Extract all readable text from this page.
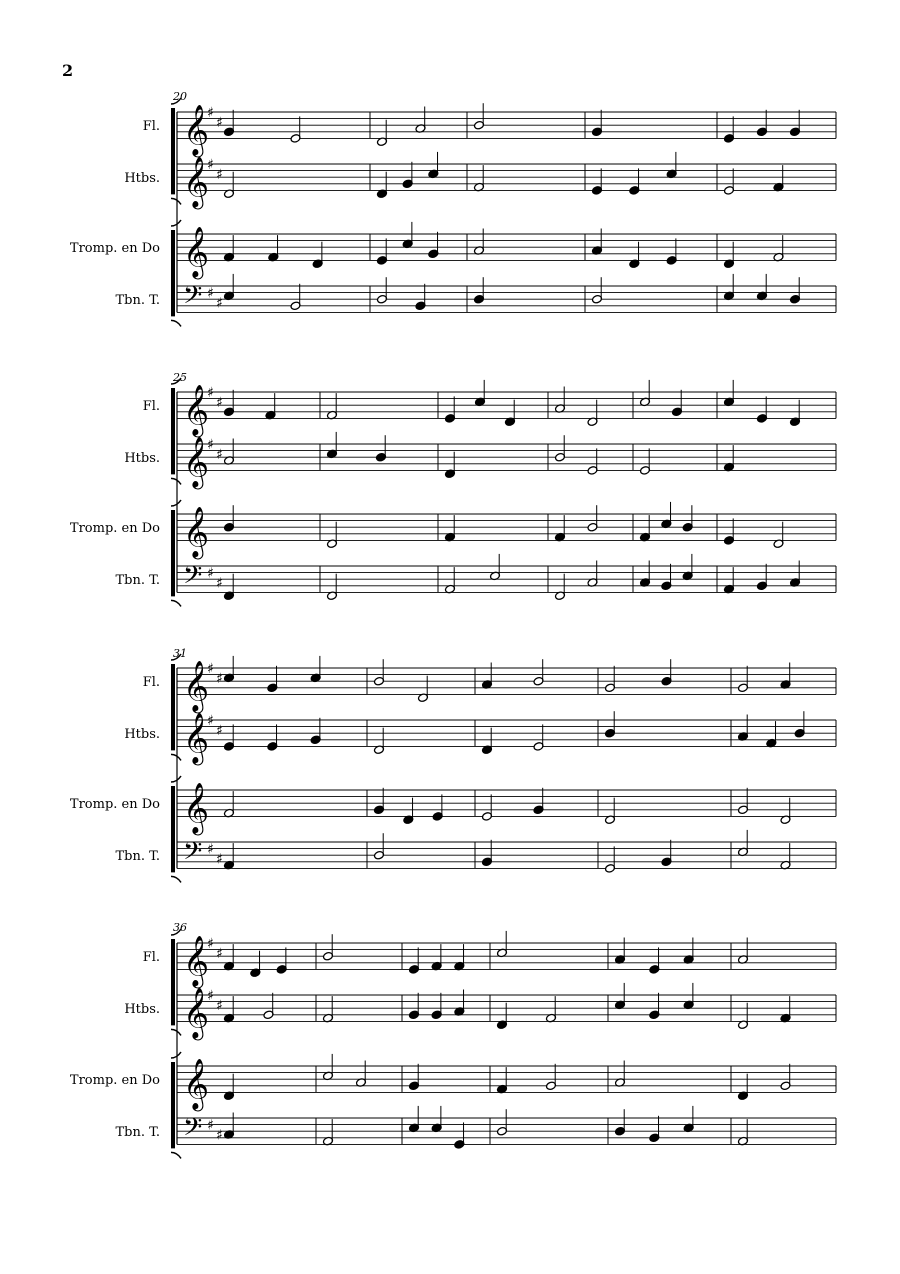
2
20
25
31
36
𝄞
♯
♯
𝄞
♯
♯
𝄞
𝄢 ♯
♯
𝄞
♯
♯
𝄞
♯
♯
𝄞
𝄢 ♯
♯
𝄞
♯
♯
𝄞
♯
♯
𝄞
𝄢 ♯
♯
𝄞
♯
♯
𝄞
♯
♯
𝄞
𝄢 ♯
♯
Fl.
Htbs.
Tromp. en Do
Tbn. T.
Fl.
Htbs.
Tromp. en Do
Tbn. T.
Fl.
Htbs.
Tromp. en Do
Tbn. T.
Fl.
Htbs.
Tromp. en Do
Tbn. T.
